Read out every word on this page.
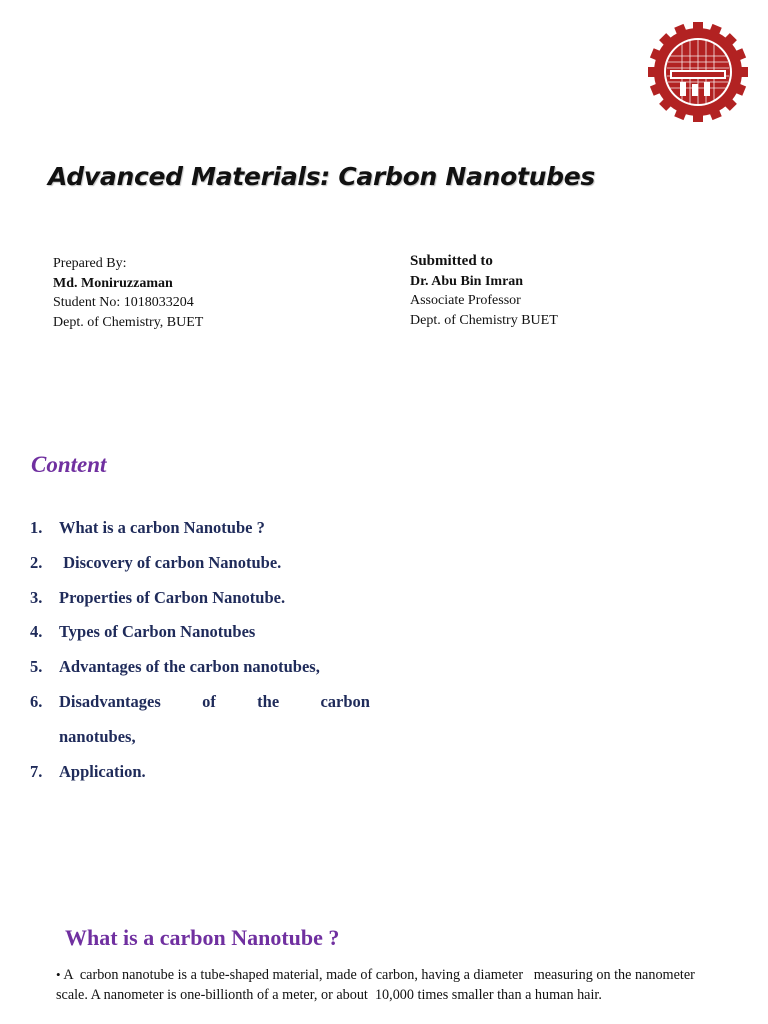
Advanced Materials: Carbon Nanotubes
Prepared By:
Md. Moniruzzaman
Student No: 1018033204
Dept. of Chemistry, BUET
Submitted to
Dr. Abu Bin Imran
Associate Professor
Dept. of Chemistry BUET
Content
1. What is a carbon Nanotube ?
2. Discovery of carbon Nanotube.
3. Properties of Carbon Nanotube.
4. Types of Carbon Nanotubes
5. Advantages of the carbon nanotubes,
6. Disadvantages of the carbon
nanotubes,
7. Application.
What is a carbon Nanotube ?
• A  carbon nanotube is a tube-shaped material, made of carbon, having a diameter   measuring on the nanometer scale. A nanometer is one-billionth of a meter, or about  10,000 times smaller than a human hair.
